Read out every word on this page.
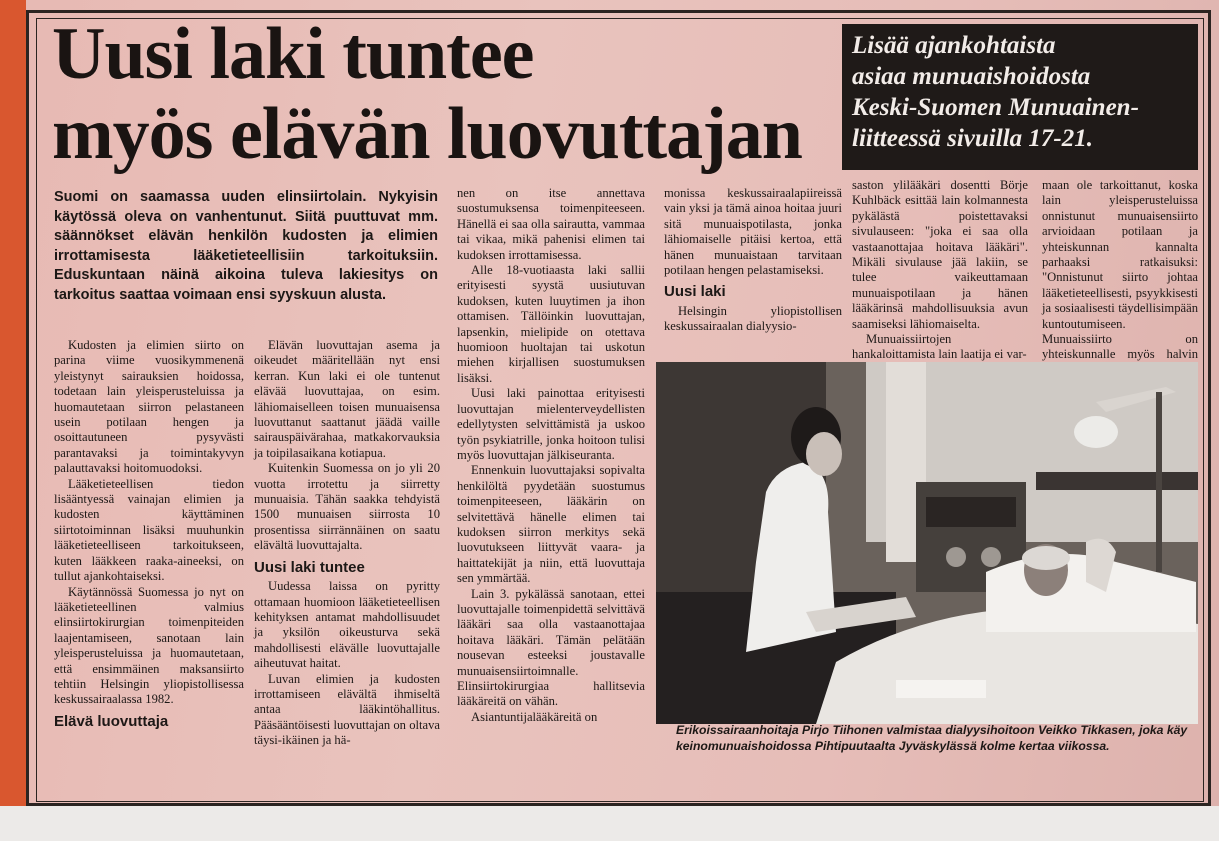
Uusi laki tuntee
myös elävän luovuttajan
Lisää ajankohtaista
asiaa munuaishoidosta
Keski-Suomen Munuainen-
liitteessä sivuilla 17-21.

Suomi on saamassa uuden elinsiirtolain. Nykyisin käytössä oleva on vanhentunut. Siitä puuttuvat mm. säännökset elävän henkilön kudosten ja elimien irrottamisesta lääketieteellisiin tarkoituksiin. Eduskuntaan näinä aikoina tuleva lakiesitys on tarkoitus saattaa voimaan ensi syyskuun alusta.

Kudosten ja elimien siirto on parina viime vuosikymmenenä yleistynyt sairauksien hoidossa, todetaan lain yleisperusteluissa ja huomautetaan siirron pelastaneen usein potilaan hengen ja osoittautuneen pysyvästi parantavaksi ja toimintakyvyn palauttavaksi hoitomuodoksi.

Lääketieteellisen tiedon lisääntyessä vainajan elimien ja kudosten käyttäminen siirtotoiminnan lisäksi muuhunkin lääketieteelliseen tarkoitukseen, kuten lääkkeen raaka-aineeksi, on tullut ajankohtaiseksi.

Käytännössä Suomessa jo nyt on lääketieteellinen valmius elinsiirtokirurgian toimenpiteiden laajentamiseen, sanotaan lain yleisperusteluissa ja huomautetaan, että ensimmäinen maksansiirto tehtiin Helsingin yliopistollisessa keskussairaalassa 1982.

Elävä luovuttaja

Elävän luovuttajan asema ja oikeudet määritellään nyt ensi kerran. Kun laki ei ole tuntenut elävää luovuttajaa, on esim. lähiomaiselleen toisen munuaisensa luovuttanut saattanut jäädä vaille sairauspäivärahaa, matkakorvauksia ja toipilasaikana kotiapua.

Kuitenkin Suomessa on jo yli 20 vuotta irrotettu ja siirretty munuaisia. Tähän saakka tehdyistä 1500 munuaisen siirrosta 10 prosentissa siirrännäinen on saatu elävältä luovuttajalta.

Uusi laki tuntee

Uudessa laissa on pyritty ottamaan huomioon lääketieteellisen kehityksen antamat mahdollisuudet ja yksilön oikeusturva sekä mahdollisesti elävälle luovuttajalle aiheutuvat haitat.

Luvan elimien ja kudosten irrottamiseen elävältä ihmiseltä antaa lääkintöhallitus. Pääsääntöisesti luovuttajan on oltava täysi-ikäinen ja hä-

nen on itse annettava suostumuksensa toimenpiteeseen. Hänellä ei saa olla sairautta, vammaa tai vikaa, mikä pahenisi elimen tai kudoksen irrottamisessa.

Alle 18-vuotiaasta laki sallii erityisesti syystä uusiutuvan kudoksen, kuten luuytimen ja ihon ottamisen. Tällöinkin luovuttajan, lapsenkin, mielipide on otettava huomioon huoltajan tai uskotun miehen kirjallisen suostumuksen lisäksi.

Uusi laki painottaa erityisesti luovuttajan mielenterveydellisten edellytysten selvittämistä ja uskoo työn psykiatrille, jonka hoitoon tulisi myös luovuttajan jälkiseuranta.

Ennenkuin luovuttajaksi sopivalta henkilöltä pyydetään suostumus toimenpiteeseen, lääkärin on selvitettävä hänelle elimen tai kudoksen siirron merkitys sekä luovutukseen liittyvät vaara- ja haittatekijät ja niin, että luovuttaja sen ymmärtää.

Lain 3. pykälässä sanotaan, ettei luovuttajalle toimenpidettä selvittävä lääkäri saa olla vastaanottajaa hoitava lääkäri. Tämän pelätään nousevan esteeksi joustavalle munuaisensiirtoimnalle. Elinsiirtokirurgiaa hallitsevia lääkäreitä on vähän.

Asiantuntijalääkäreitä on

monissa keskussairaalapiireissä vain yksi ja tämä ainoa hoitaa juuri sitä munuaispotilasta, jonka lähiomaiselle pitäisi kertoa, että hänen munuaistaan tarvitaan potilaan hengen pelastamiseksi.

Uusi laki

Helsingin yliopistollisen keskussairaalan dialyysio-

saston ylilääkäri dosentti Börje Kuhlbäck esittää lain kolmannesta pykälästä poistettavaksi sivulauseen: "joka ei saa olla vastaanottajaa hoitava lääkäri". Mikäli sivulause jää lakiin, se tulee vaikeuttamaan munuaispotilaan ja hänen lääkärinsä mahdollisuuksia avun saamiseksi lähiomaiselta.

Munuaissiirtojen hankaloittamista lain laatija ei var-

maan ole tarkoittanut, koska lain yleisperusteluissa onnistunut munuaisensiirto arvioidaan potilaan ja yhteiskunnan kannalta parhaaksi ratkaisuksi: "Onnistunut siirto johtaa lääketieteellisesti, psyykkisesti ja sosiaalisesti täydellisimpään kuntoutumiseen. Munuaissiirto on yhteiskunnalle myös halvin

Erikoissairaanhoitaja Pirjo Tiihonen valmistaa dialyysihoitoon Veikko Tikkasen, joka käy keinomunuaishoidossa Pihtipuutaalta Jyväskylässä kolme kertaa viikossa.
